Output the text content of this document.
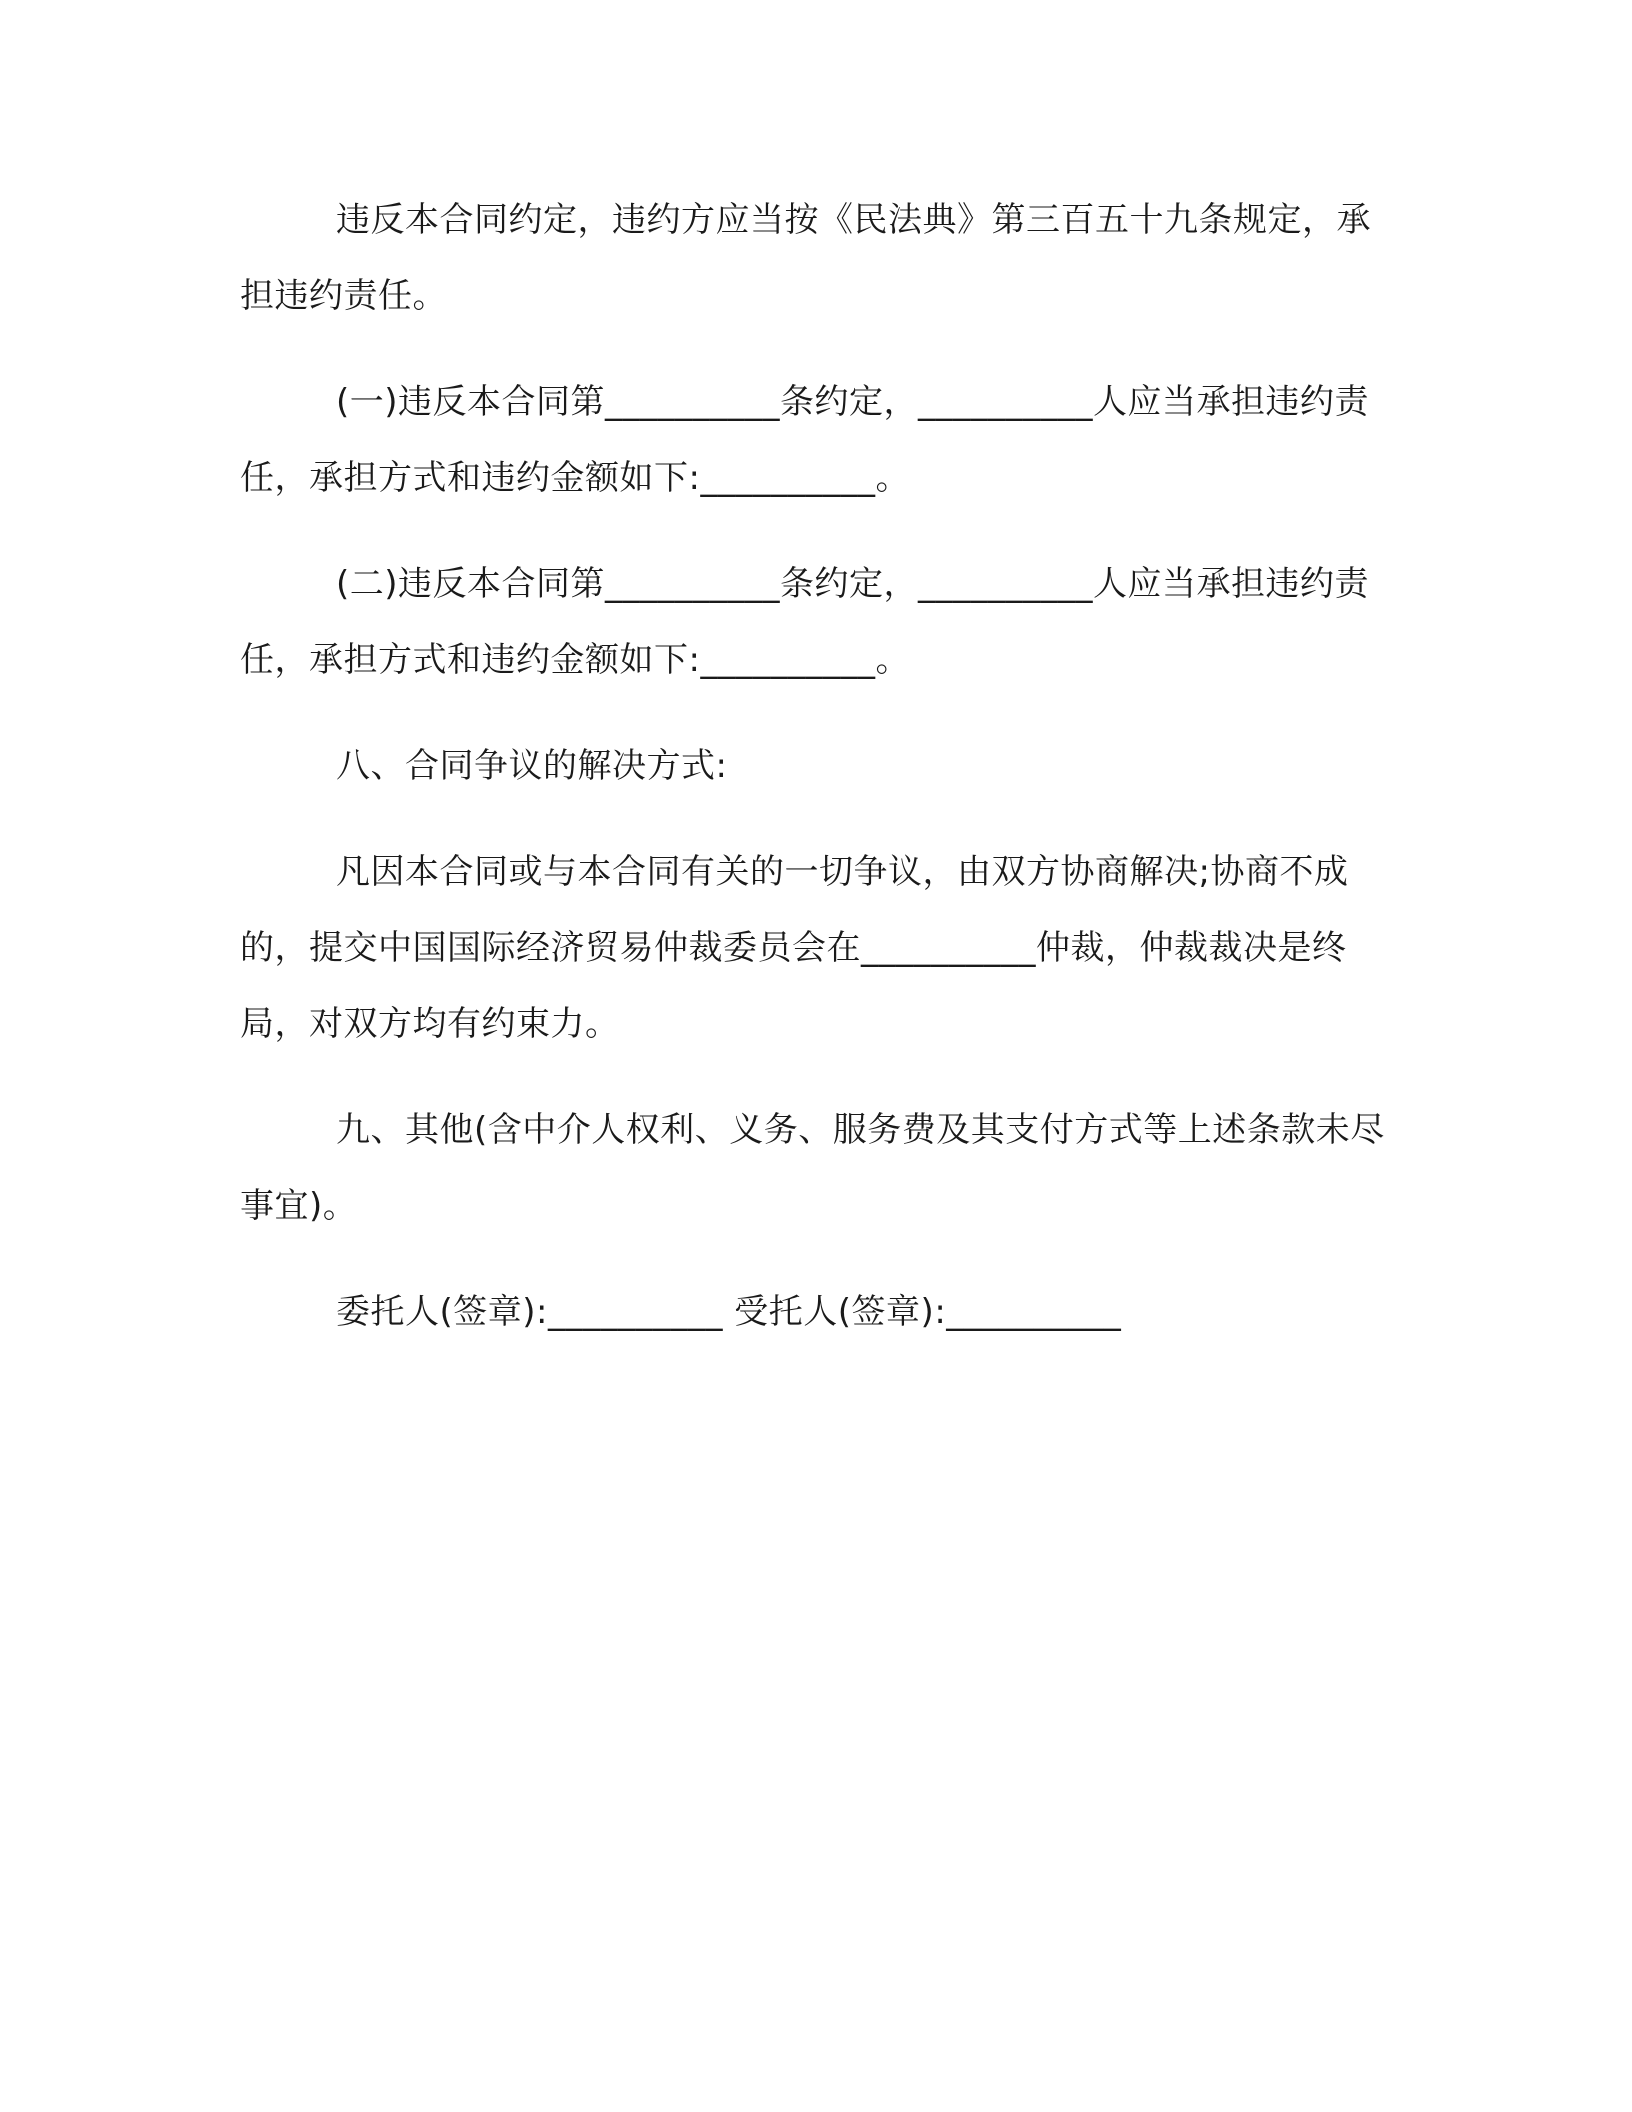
违反本合同约定，违约方应当按《民法典》第三百五十九条规定，承担违约责任。

(一)违反本合同第__________条约定，__________人应当承担违约责任，承担方式和违约金额如下:__________。

(二)违反本合同第__________条约定，__________人应当承担违约责任，承担方式和违约金额如下:__________。

八、合同争议的解决方式:

凡因本合同或与本合同有关的一切争议，由双方协商解决;协商不成的，提交中国国际经济贸易仲裁委员会在__________仲裁，仲裁裁决是终局，对双方均有约束力。

九、其他(含中介人权利、义务、服务费及其支付方式等上述条款未尽事宜)。

委托人(签章):__________ 受托人(签章):__________
